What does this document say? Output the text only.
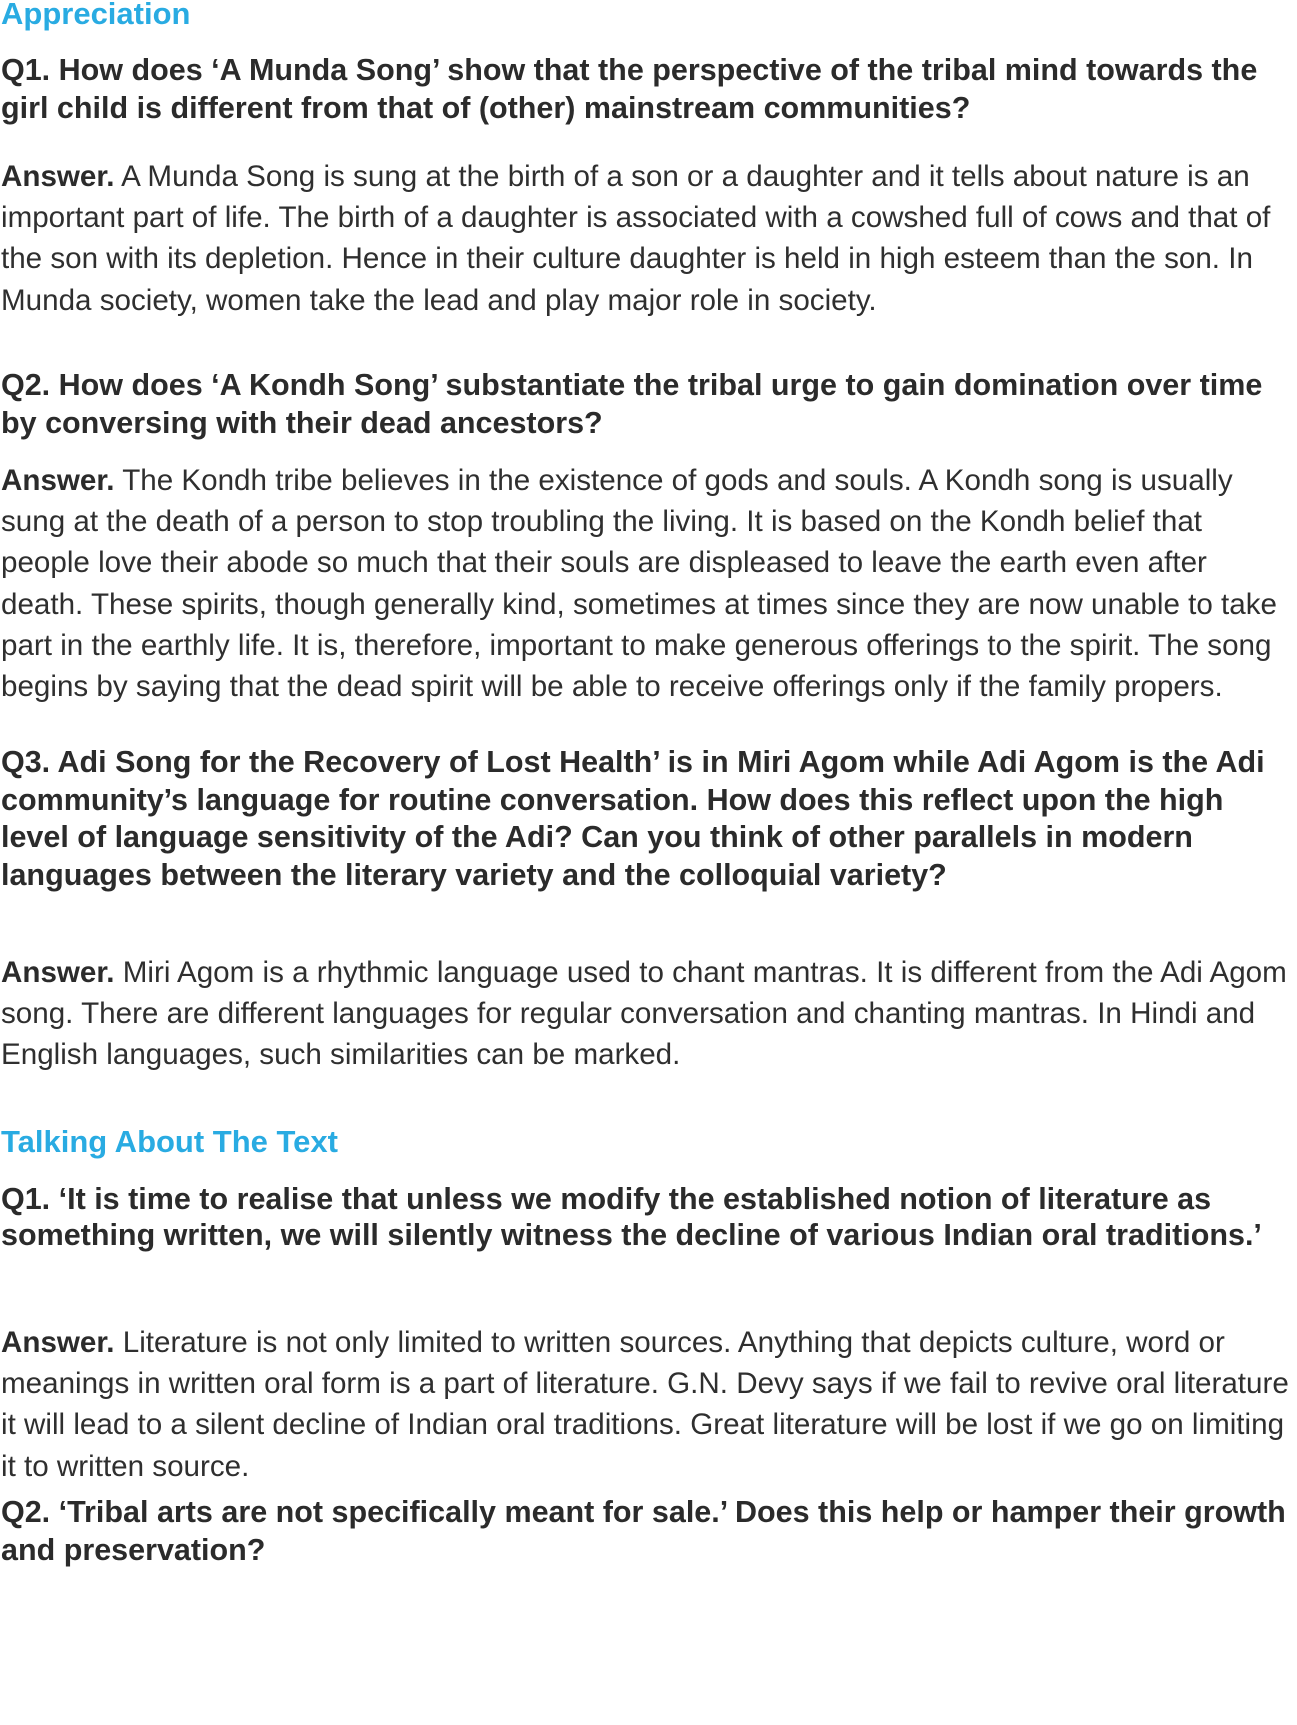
Appreciation

Q1. How does ‘A Munda Song’ show that the perspective of the tribal mind towards the girl child is different from that of (other) mainstream communities?

Answer. A Munda Song is sung at the birth of a son or a daughter and it tells about nature is an important part of life. The birth of a daughter is associated with a cowshed full of cows and that of the son with its depletion. Hence in their culture daughter is held in high esteem than the son. In Munda society, women take the lead and play major role in society.

Q2. How does ‘A Kondh Song’ substantiate the tribal urge to gain domination over time by conversing with their dead ancestors?

Answer. The Kondh tribe believes in the existence of gods and souls. A Kondh song is usually sung at the death of a person to stop troubling the living. It is based on the Kondh belief that people love their abode so much that their souls are displeased to leave the earth even after death. These spirits, though generally kind, sometimes at times since they are now unable to take part in the earthly life. It is, therefore, important to make generous offerings to the spirit. The song begins by saying that the dead spirit will be able to receive offerings only if the family propers.

Q3. Adi Song for the Recovery of Lost Health’ is in Miri Agom while Adi Agom is the Adi community’s language for routine conversation. How does this reflect upon the high level of language sensitivity of the Adi? Can you think of other parallels in modern languages between the literary variety and the colloquial variety?

Answer. Miri Agom is a rhythmic language used to chant mantras. It is different from the Adi Agom song. There are different languages for regular conversation and chanting mantras. In Hindi and English languages, such similarities can be marked.

Talking About The Text

Q1. ‘It is time to realise that unless we modify the established notion of literature as something written, we will silently witness the decline of various Indian oral traditions.’

Answer. Literature is not only limited to written sources. Anything that depicts culture, word or meanings in written oral form is a part of literature. G.N. Devy says if we fail to revive oral literature it will lead to a silent decline of Indian oral traditions. Great literature will be lost if we go on limiting it to written source.

Q2. ‘Tribal arts are not specifically meant for sale.’ Does this help or hamper their growth and preservation?
